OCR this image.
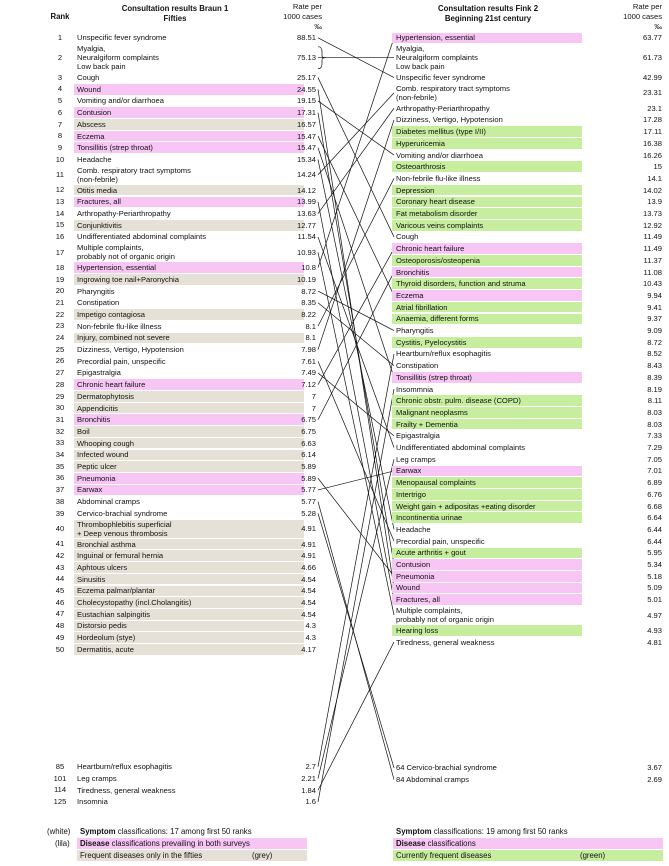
Rank
Consultation results Braun 1
Fifties
Rate per
1000 cases
‰
Consultation results Fink 2
Beginning 21st century
Rate per
1000 cases
‰
1	Unspecific fever syndrome	88.51
2
Myalgia,
Neuralgiform complaints
Low back pain
75.13
3	Cough	25.17
4	Wound	24.55
5	Vomiting and/or diarrhoea	19.15
6	Contusion	17.31
7	Abscess	16.57
8	Eczema	15.47
9	Tonsillitis (strep throat)	15.47
10	Headache	15.34
11	Comb. respiratory tract symptoms
(non-febrile)	14.24
12	Otitis media	14.12
13	Fractures, all	13.99
14	Arthropathy-Periarthropathy	13.63
15	Conjunktivitis	12.77
16	Undifferentiated abdominal complaints	11.54
17	Multiple complaints,
probably not of organic origin	10.93
18	Hypertension, essential	10.8
19	Ingrowing toe nail+Paronychia	10.19
20	Pharyngitis	8.72
21	Constipation	8.35
22	Impetigo contagiosa	8.22
23	Non-febrile flu-like illness	8.1
24	Injury, combined not severe	8.1
25	Dizziness, Vertigo, Hypotension	7.98
26	Precordial pain, unspecific	7.61
27	Epigastralgia	7.49
28	Chronic heart failure	7.12
29	Dermatophytosis	7
30	Appendicitis	7
31	Bronchitis	6.75
32	Boil	6.75
33	Whooping cough	6.63
34	Infected wound	6.14
35	Peptic ulcer	5.89
36	Pneumonia	5.89
37	Earwax	5.77
38	Abdominal cramps	5.77
39	Cervico-brachial syndrome	5.28
40	Thrombophlebitis superficial
+ Deep venous thrombosis	4.91
41	Bronchial asthma	4.91
42	Inguinal or femural hernia	4.91
43	Aphtous ulcers	4.66
44	Sinusitis	4.54
45	Eczema palmar/plantar	4.54
46	Cholecystopathy (incl.Cholangitis)	4.54
47	Eustachian salpingitis	4.54
48	Distorsio pedis	4.3
49	Hordeolum (stye)	4.3
50	Dermatitis, acute	4.17
85	Heartburn/reflux esophagitis	2.7
101	Leg cramps	2.21
114	Tiredness, general weakness	1.84
125	Insomnia	1.6
Hypertension, essential	63.77
Myalgia,
Neuralgiform complaints
Low back pain
61.73
Unspecific fever syndrome	42.99
Comb. respiratory tract symptoms
(non-febrile)	23.31
Arthropathy-Periarthropathy	23.1
Dizziness, Vertigo, Hypotension	17.28
Diabetes mellitus (type I/II)	17.11
Hyperuricemia	16.38
Vomiting and/or diarrhoea	16.26
Osteoarthrosis	15
Non-febrile flu-like illness	14.1
Depression	14.02
Coronary heart disease	13.9
Fat metabolism disorder	13.73
Varicous veins complaints	12.92
Cough	11.49
Chronic heart failure	11.49
Osteoporosis/osteopenia	11.37
Bronchitis	11.08
Thyroid disorders, function and struma	10.43
Eczema	9.94
Atrial fibrillation	9.41
Anaemia, different forms	9.37
Pharyngitis	9.09
Cystitis, Pyelocystitis	8.72
Heartburn/reflux esophagitis	8.52
Constipation	8.43
Tonsillitis (strep throat)	8.39
Insommnia	8.19
Chronic obstr. pulm. disease (COPD)	8.11
Malignant neoplasms	8.03
Frailty + Dementia	8.03
Epigastralgia	7.33
Undifferentiated abdominal complaints	7.29
Leg cramps	7.05
Earwax	7.01
Menopausal complaints	6.89
Intertrigo	6.76
Weight gain + adipositas +eating disorder	6.68
Incontinentia urinae	6.64
Headache	6.44
Precordial pain, unspecific	6.44
Acute arthritis + gout	5.95
Contusion	5.34
Pneumonia	5.18
Wound	5.09
Fractures, all	5.01
Multiple complaints,
probably not of organic origin	4.97
Hearing loss	4.93
Tiredness, general weakness	4.81
64 Cervico-brachial syndrome	3.67
84 Abdominal cramps	2.69
(white) Symptom classifications: 17 among first 50 ranks
(lila) Disease classifications prevailing in both surveys
Frequent diseases only in the fifties	(grey)
Symptom classifications: 19 among first 50 ranks
Disease classifications
Currently frequent diseases	(green)
